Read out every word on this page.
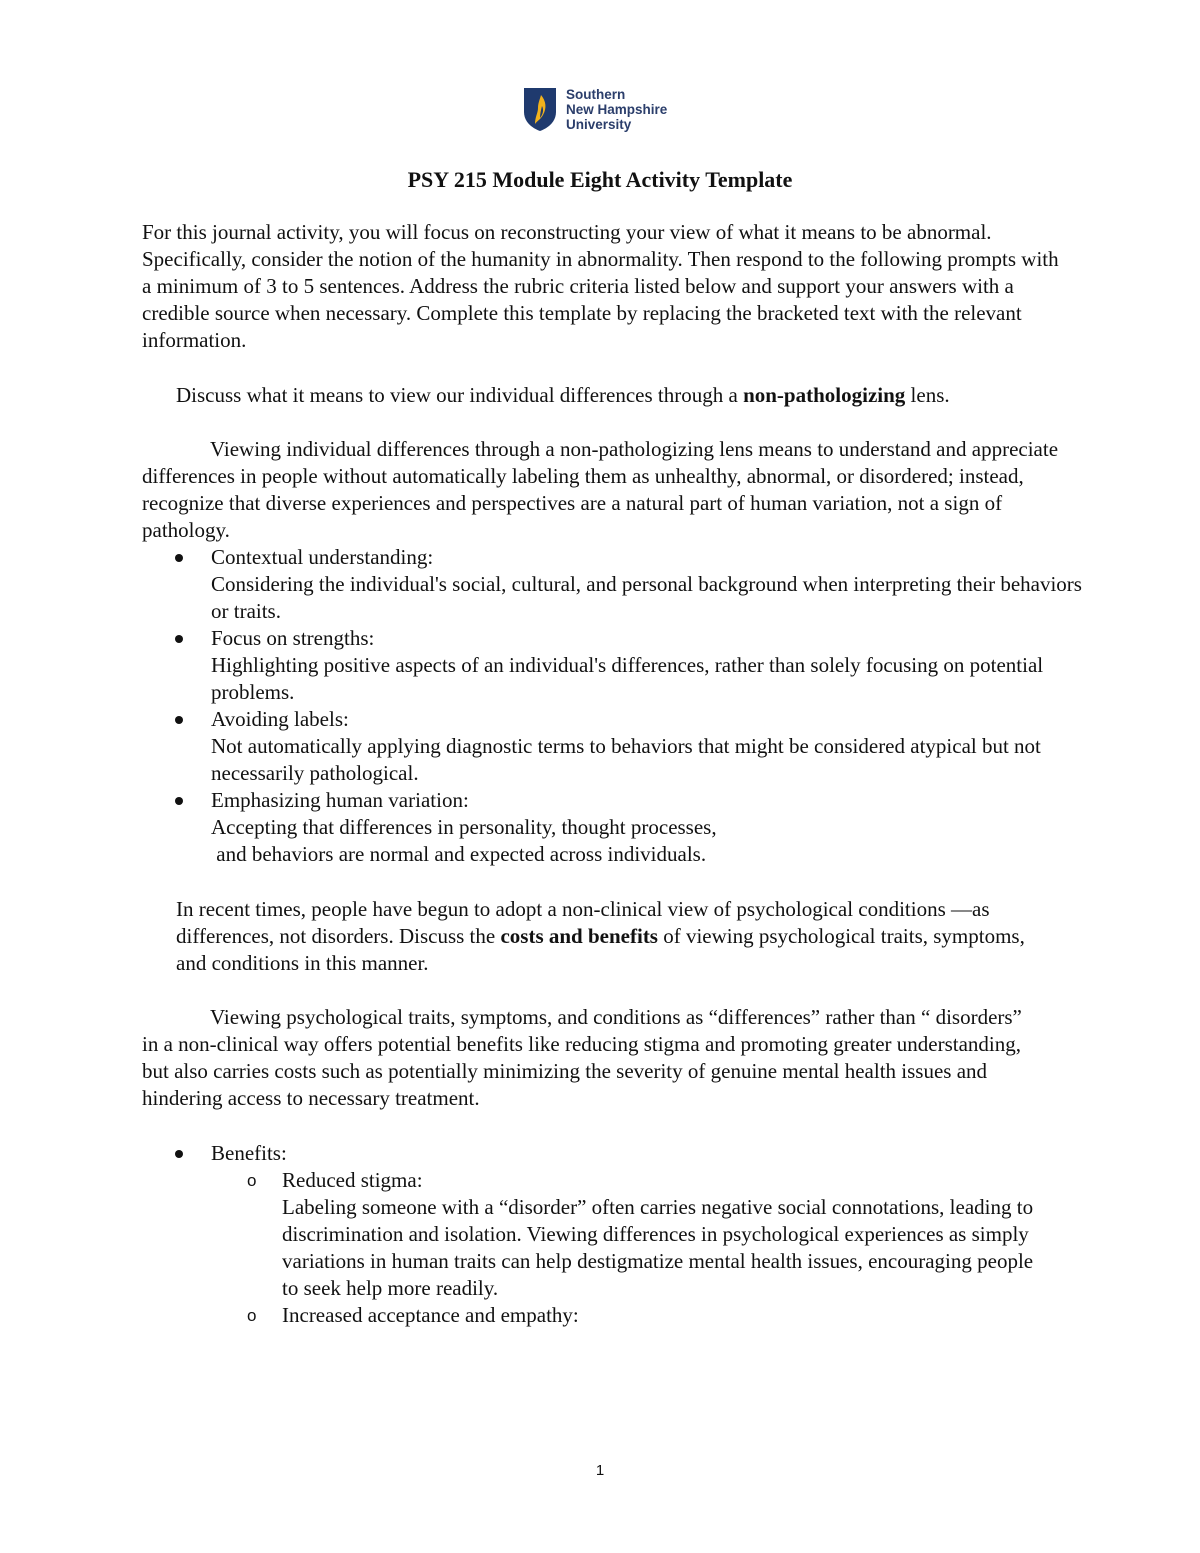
Southern
New Hampshire
University
PSY 215 Module Eight Activity Template

For this journal activity, you will focus on reconstructing your view of what it means to be abnormal. Specifically, consider the notion of the humanity in abnormality. Then respond to the following prompts with a minimum of 3 to 5 sentences. Address the rubric criteria listed below and support your answers with a credible source when necessary. Complete this template by replacing the bracketed text with the relevant information.

Discuss what it means to view our individual differences through a non-pathologizing lens.

Viewing individual differences through a non-pathologizing lens means to understand and appreciate differences in people without automatically labeling them as unhealthy, abnormal, or disordered; instead, recognize that diverse experiences and perspectives are a natural part of human variation, not a sign of pathology.

Contextual understanding:
Considering the individual's social, cultural, and personal background when interpreting their behaviors or traits.
Focus on strengths:
Highlighting positive aspects of an individual's differences, rather than solely focusing on potential problems.
Avoiding labels:
Not automatically applying diagnostic terms to behaviors that might be considered atypical but not necessarily pathological.
Emphasizing human variation:
Accepting that differences in personality, thought processes,
and behaviors are normal and expected across individuals.

In recent times, people have begun to adopt a non-clinical view of psychological conditions —as differences, not disorders. Discuss the costs and benefits of viewing psychological traits, symptoms, and conditions in this manner.

Viewing psychological traits, symptoms, and conditions as “differences” rather than “ disorders” in a non-clinical way offers potential benefits like reducing stigma and promoting greater understanding, but also carries costs such as potentially minimizing the severity of genuine mental health issues and hindering access to necessary treatment.

Benefits:
o Reduced stigma:
Labeling someone with a “disorder” often carries negative social connotations, leading to discrimination and isolation. Viewing differences in psychological experiences as simply variations in human traits can help destigmatize mental health issues, encouraging people to seek help more readily.
o Increased acceptance and empathy:
1
